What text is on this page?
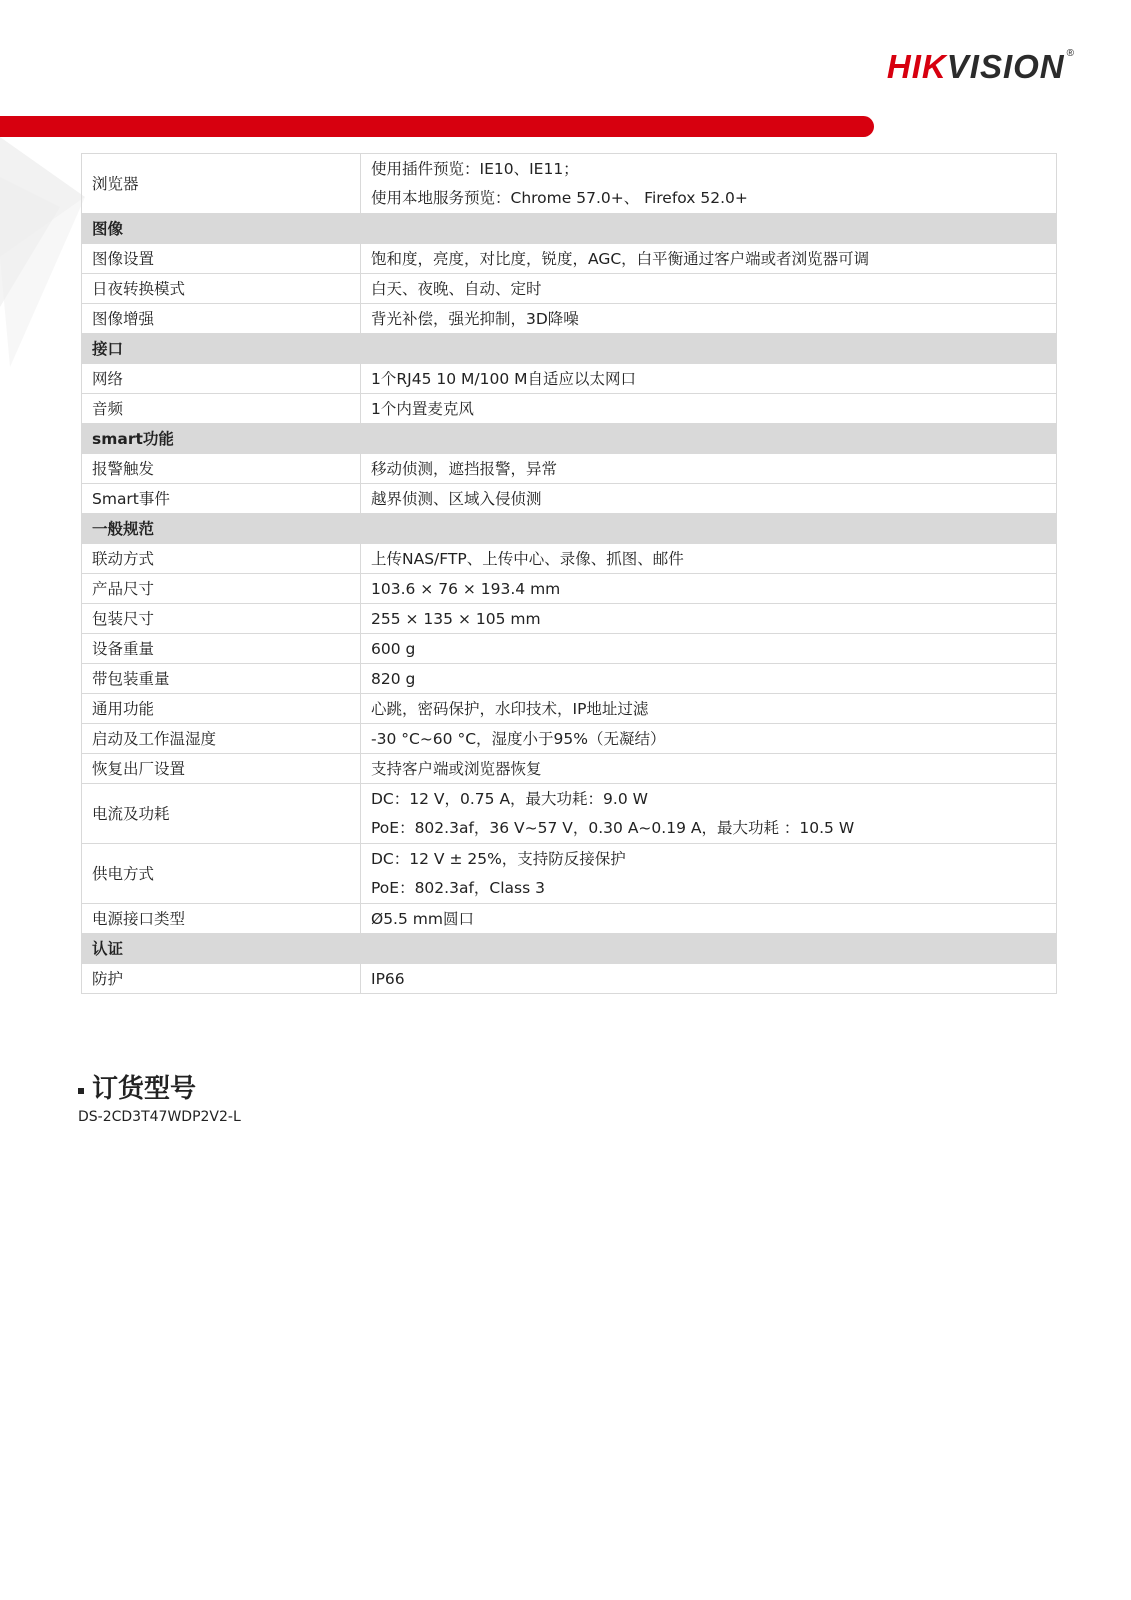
HIKVISION ®
浏览器	使用插件预览：IE10、IE11；
使用本地服务预览：Chrome 57.0+、 Firefox 52.0+

图像	
图像设置	饱和度，亮度，对比度，锐度，AGC，白平衡通过客户端或者浏览器可调
日夜转换模式	白天、夜晚、自动、定时
图像增强	背光补偿，强光抑制，3D降噪
接口	
网络	1个RJ45 10 M/100 M自适应以太网口
音频	1个内置麦克风
smart功能	
报警触发	移动侦测，遮挡报警，异常
Smart事件	越界侦测、区域入侵侦测
一般规范	
联动方式	上传NAS/FTP、上传中心、录像、抓图、邮件
产品尺寸	103.6 × 76 × 193.4 mm
包装尺寸	255 × 135 × 105 mm
设备重量	600 g
带包装重量	820 g
通用功能	心跳，密码保护，水印技术，IP地址过滤
启动及工作温湿度	-30 °C~60 °C，湿度小于95%（无凝结）
恢复出厂设置	支持客户端或浏览器恢复
电流及功耗	DC：12 V，0.75 A，最大功耗：9.0 W
PoE：802.3af，36 V~57 V，0.30 A~0.19 A，最大功耗 ：10.5 W

供电方式	DC：12 V ± 25%，支持防反接保护
PoE：802.3af，Class 3

电源接口类型	Ø5.5 mm圆口
认证	
防护	IP66
订货型号
DS-2CD3T47WDP2V2-L
